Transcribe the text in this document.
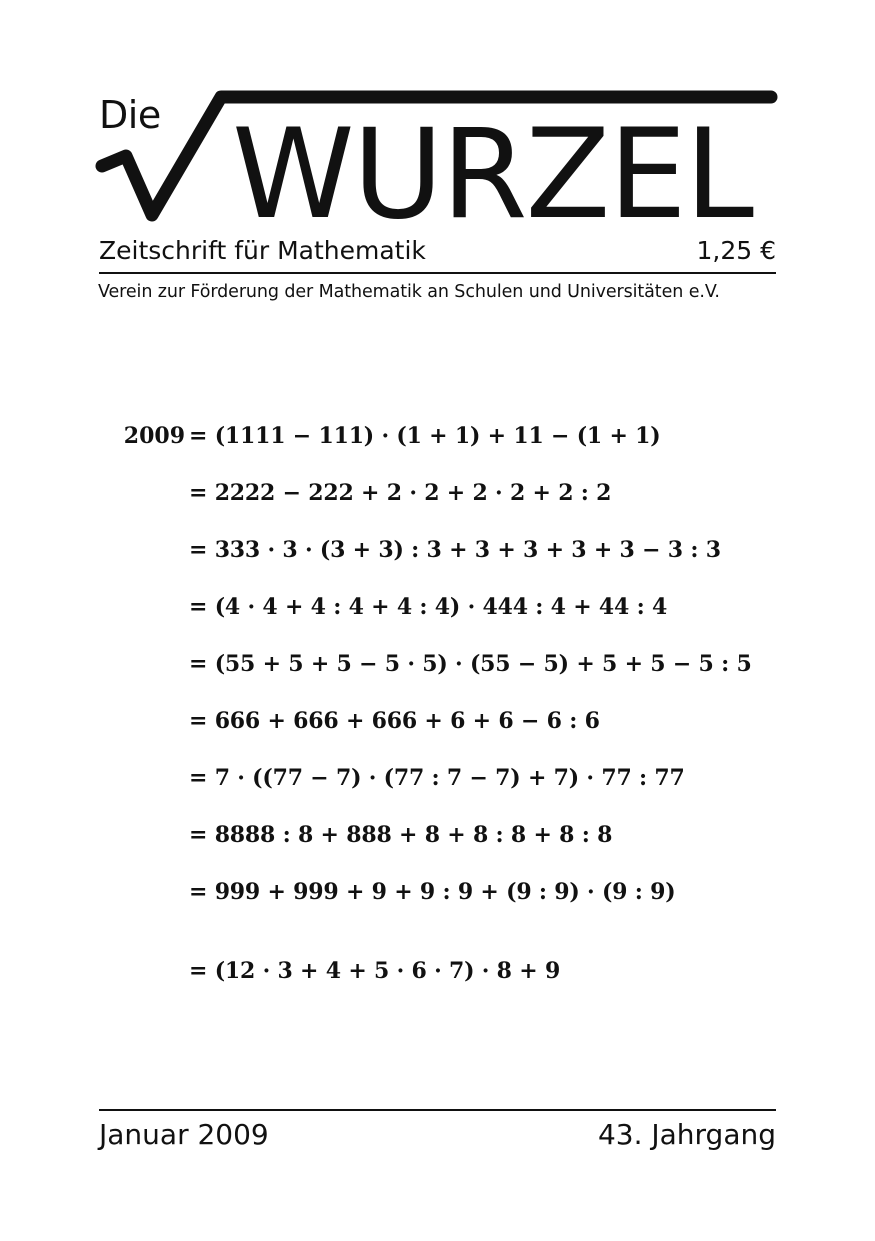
Die WURZEL
Zeitschrift für Mathematik	1,25 €
Verein zur Förderung der Mathematik an Schulen und Universitäten e.V.
2009 = (1111 − 111) · (1 + 1) + 11 − (1 + 1)
= 2222 − 222 + 2 · 2 + 2 · 2 + 2 : 2
= 333 · 3 · (3 + 3) : 3 + 3 + 3 + 3 + 3 − 3 : 3
= (4 · 4 + 4 : 4 + 4 : 4) · 444 : 4 + 44 : 4
= (55 + 5 + 5 − 5 · 5) · (55 − 5) + 5 + 5 − 5 : 5
= 666 + 666 + 666 + 6 + 6 − 6 : 6
= 7 · ((77 − 7) · (77 : 7 − 7) + 7) · 77 : 77
= 8888 : 8 + 888 + 8 + 8 : 8 + 8 : 8
= 999 + 999 + 9 + 9 : 9 + (9 : 9) · (9 : 9)
= (12 · 3 + 4 + 5 · 6 · 7) · 8 + 9
Januar 2009	43. Jahrgang
